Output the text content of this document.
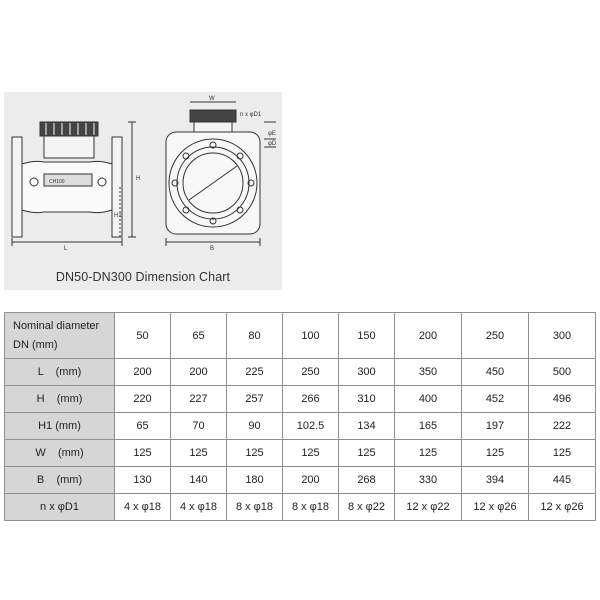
L
H
H1
CH100
W
n x φD1
φE
φD
B
DN50-DN300 Dimension Chart
Nominal diameter
DN (mm)	50	65	80	100	150	200	250	300
L    (mm)	200	200	225	250	300	350	450	500
H    (mm)	220	227	257	266	310	400	452	496
H1 (mm)	65	70	90	102.5	134	165	197	222
W    (mm)	125	125	125	125	125	125	125	125
B    (mm)	130	140	180	200	268	330	394	445
n x φD1	4 x φ18	4 x φ18	8 x φ18	8 x φ18	8 x φ22	12 x φ22	12 x φ26	12 x φ26
